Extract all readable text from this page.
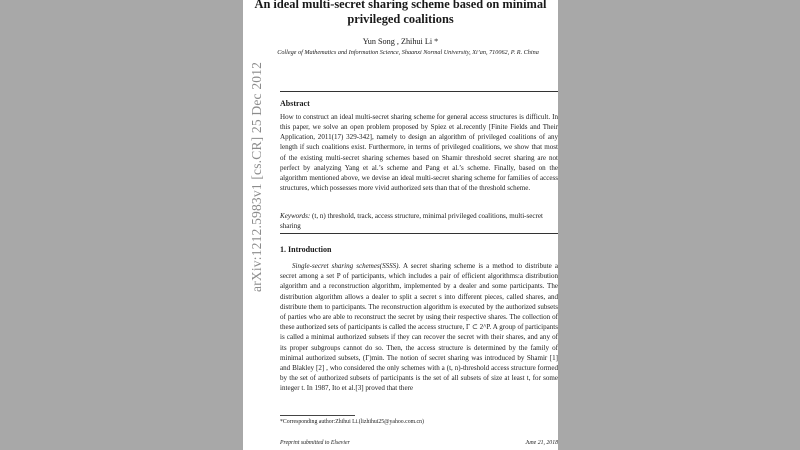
arXiv:1212.5983v1 [cs.CR] 25 Dec 2012
An ideal multi-secret sharing scheme based on minimal privileged coalitions
Yun Song , Zhihui Li *
College of Mathematics and Information Science, Shaanxi Normal University, Xi’an, 710062, P. R. China
Abstract
How to construct an ideal multi-secret sharing scheme for general access structures is difficult. In this paper, we solve an open problem proposed by Spiez et al.recently [Finite Fields and Their Application, 2011(17) 329-342], namely to design an algorithm of privileged coalitions of any length if such coalitions exist. Furthermore, in terms of privileged coalitions, we show that most of the existing multi-secret sharing schemes based on Shamir threshold secret sharing are not perfect by analyzing Yang et al.’s scheme and Pang et al.’s scheme. Finally, based on the algorithm mentioned above, we devise an ideal multi-secret sharing scheme for families of access structures, which possesses more vivid authorized sets than that of the threshold scheme.
Keywords: (t, n) threshold, track, access structure, minimal privileged coalitions, multi-secret sharing
1. Introduction
Single-secret sharing schemes(SSSS). A secret sharing scheme is a method to distribute a secret among a set P of participants, which includes a pair of efficient algorithms:a distribution algorithm and a reconstruction algorithm, implemented by a dealer and some participants. The distribution algorithm allows a dealer to split a secret s into different pieces, called shares, and distribute them to participants. The reconstruction algorithm is executed by the authorized subsets of parties who are able to reconstruct the secret by using their respective shares. The collection of these authorized sets of participants is called the access structure, Γ ⊂ 2^P. A group of participants is called a minimal authorized subsets if they can recover the secret with their shares, and any of its proper subgroups cannot do so. Then, the access structure is determined by the family of minimal authorized subsets, (Γ)min. The notion of secret sharing was introduced by Shamir [1] and Blakley [2] , who considered the only schemes with a (t, n)-threshold access structure formed by the set of authorized subsets of participants is the set of all subsets of size at least t, for some integer t. In 1987, Ito et al.[3] proved that there
*Corresponding author:Zhihui Li.(lizhihui25@yahoo.com.cn)
Preprint submitted to Elsevier	June 21, 2018
